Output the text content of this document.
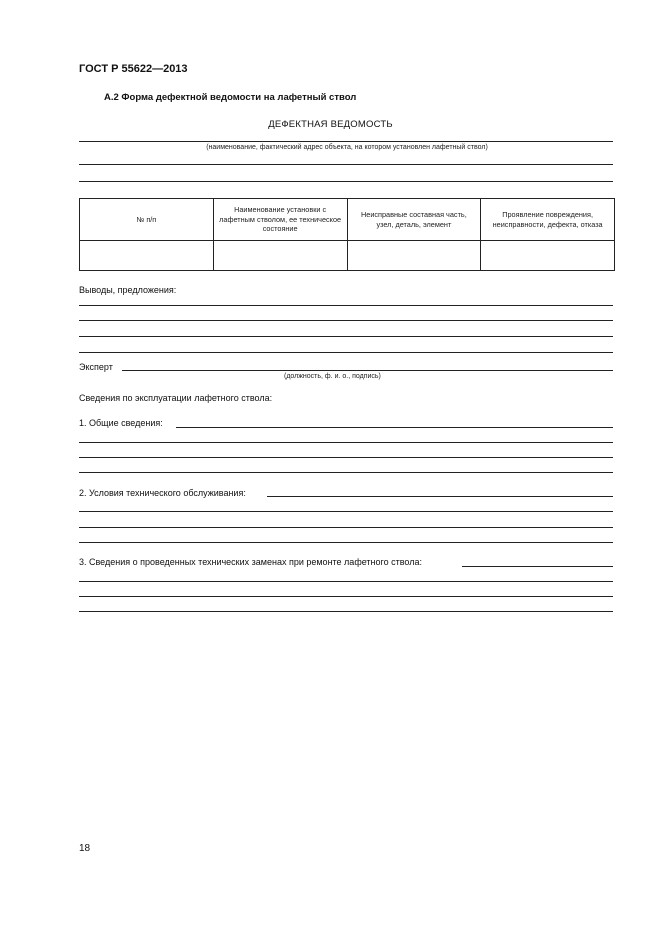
ГОСТ Р 55622—2013
А.2 Форма дефектной ведомости на лафетный ствол
ДЕФЕКТНАЯ ВЕДОМОСТЬ
(наименование, фактический адрес объекта, на котором установлен лафетный ствол)
№ п/п	Наименование установки с лафетным стволом, ее техническое состояние	Неисправные составная часть, узел, деталь, элемент	Проявление повреждения, неисправности, дефекта, отказа

Выводы, предложения:
Эксперт
(должность, ф. и. о., подпись)
Сведения по эксплуатации лафетного ствола:
1. Общие сведения:
2. Условия технического обслуживания:
3. Сведения о проведенных технических заменах при ремонте лафетного ствола:
18
